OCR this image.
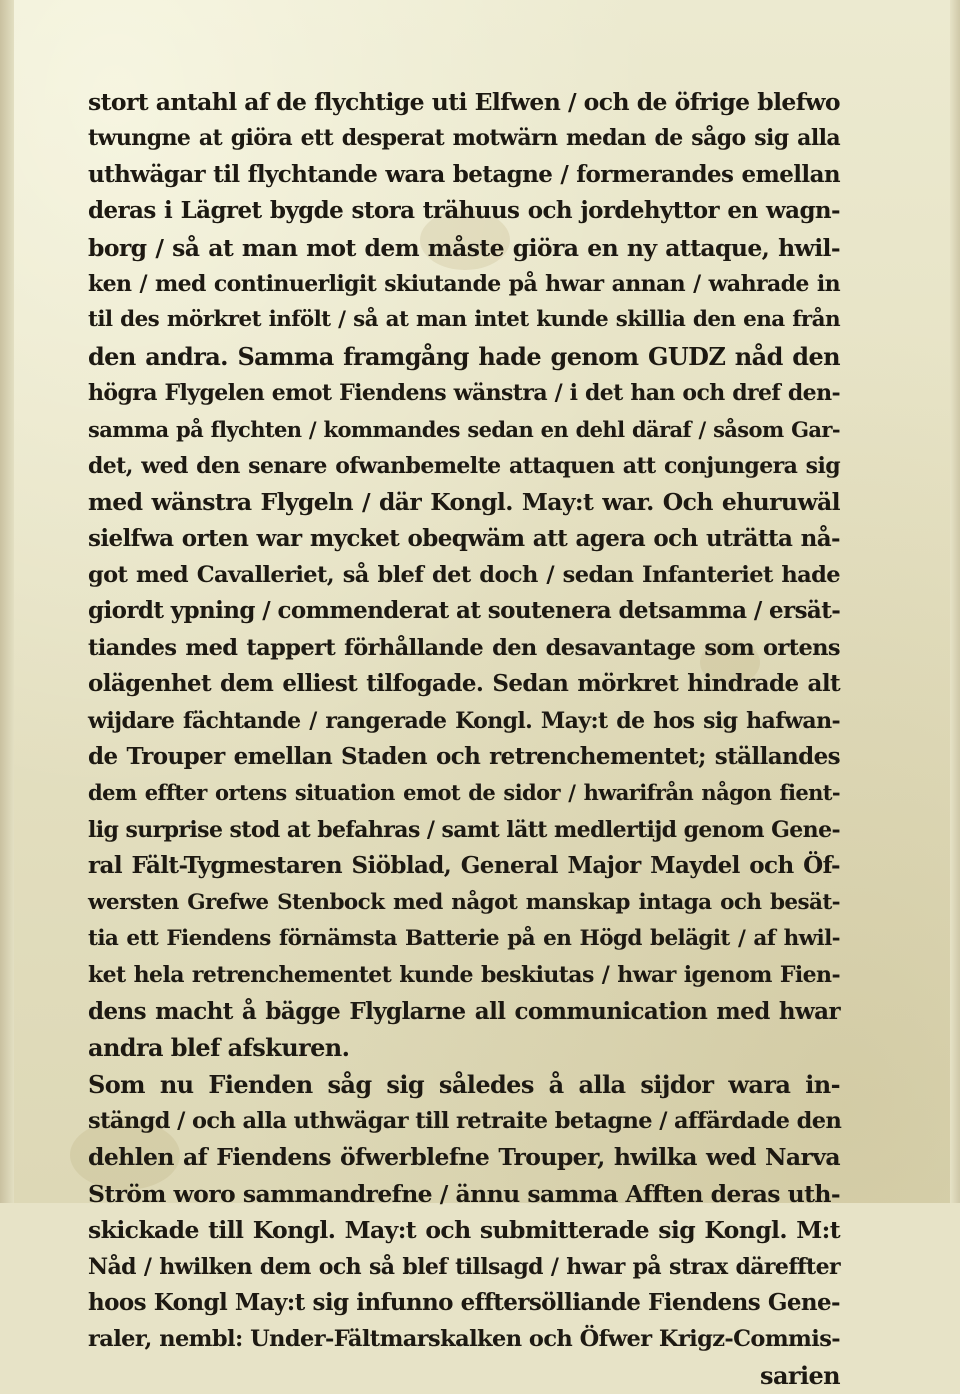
stort antahl af de flychtige uti Elfwen / och de öfrige blefwo
twungne at giöra ett desperat motwärn medan de sågo sig alla
uthwägar til flychtande wara betagne / formerandes emellan
deras i Lägret bygde stora trähuus och jordehyttor en wagn-
borg / så at man mot dem måste giöra en ny attaque, hwil-
ken / med continuerligit skiutande på hwar annan / wahrade in
til des mörkret infölt / så at man intet kunde skillia den ena från
den andra. Samma framgång hade genom GUDZ nåd den
högra Flygelen emot Fiendens wänstra / i det han och dref den-
samma på flychten / kommandes sedan en dehl däraf / såsom Gar-
det, wed den senare ofwanbemelte attaquen att conjungera sig
med wänstra Flygeln / där Kongl. May:t war. Och ehuruwäl
sielfwa orten war mycket obeqwäm att agera och uträtta nå-
got med Cavalleriet, så blef det doch / sedan Infanteriet hade
giordt ypning / commenderat at soutenera detsamma / ersät-
tiandes med tappert förhållande den desavantage som ortens
olägenhet dem elliest tilfogade. Sedan mörkret hindrade alt
wijdare fächtande / rangerade Kongl. May:t de hos sig hafwan-
de Trouper emellan Staden och retrenchementet; ställandes
dem effter ortens situation emot de sidor / hwarifrån någon fient-
lig surprise stod at befahras / samt lätt medlertijd genom Gene-
ral Fält-Tygmestaren Siöblad, General Major Maydel och Öf-
wersten Grefwe Stenbock med något manskap intaga och besät-
tia ett Fiendens förnämsta Batterie på en Högd belägit / af hwil-
ket hela retrenchementet kunde beskiutas / hwar igenom Fien-
dens macht å bägge Flyglarne all communication med hwar
andra blef afskuren.
Som nu Fienden såg sig således å alla sijdor wara in-
stängd / och alla uthwägar till retraite betagne / affärdade den
dehlen af Fiendens öfwerblefne Trouper, hwilka wed Narva
Ström woro sammandrefne / ännu samma Afften deras uth-
skickade till Kongl. May:t och submitterade sig Kongl. M:t
Nåd / hwilken dem och så blef tillsagd / hwar på strax däreffter
hoos Kongl May:t sig infunno efftersölliande Fiendens Gene-
raler, nembl: Under-Fältmarskalken och Öfwer Krigz-Commis-
sarien
